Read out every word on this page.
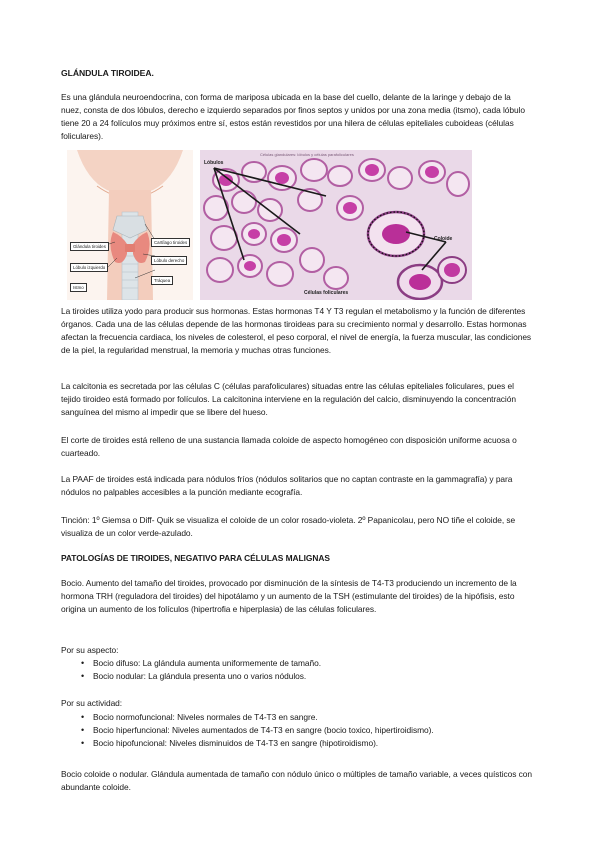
GLÁNDULA TIROIDEA.
Es una glándula neuroendocrina, con forma de mariposa ubicada en la base del cuello, delante de la laringe y debajo de la nuez, consta de dos lóbulos, derecho e izquierdo separados por finos septos y unidos por una zona media (itsmo), cada lóbulo tiene 20 a 24 folículos muy próximos entre sí, estos están revestidos por una hilera de células epiteliales cuboideas (células foliculares).
Glándula tiroides
Lóbulo izquierdo
Istmo
Cartílago tiroides
Lóbulo derecho
Tráquea
Células glandulares: lóbulos y células parafoliculares
Lóbulos
Coloide
Células foliculares
La tiroides utiliza yodo para producir sus hormonas. Estas hormonas T4 Y T3 regulan el metabolismo y la función de diferentes órganos. Cada una de las células depende de las hormonas tiroideas para su crecimiento normal y desarrollo. Estas hormonas afectan la frecuencia cardiaca, los niveles de colesterol, el peso corporal, el nivel de energía, la fuerza muscular, las condiciones de la piel, la regularidad menstrual, la memoria y muchas otras funciones.
La calcitonia es secretada por las células C (células parafoliculares) situadas entre las células epiteliales foliculares, pues el tejido tiroideo está formado por folículos. La calcitonina interviene en la regulación del calcio, disminuyendo la concentración sanguínea del mismo al impedir que se libere del hueso.
El corte de tiroides está relleno de una sustancia llamada coloide de aspecto homogéneo con disposición uniforme acuosa o cuarteado.
La PAAF de tiroides está indicada para nódulos fríos (nódulos solitarios que no captan contraste en la gammagrafía) y para nódulos no palpables accesibles a la punción mediante ecografía.
Tinción: 1º Giemsa o Diff- Quik se visualiza el coloide de un color rosado-violeta. 2º Papanicolau, pero NO tiñe el coloide, se visualiza de un color verde-azulado.
PATOLOGÍAS DE TIROIDES, NEGATIVO PARA CÉLULAS MALIGNAS
Bocio. Aumento del tamaño del tiroides, provocado por disminución de la síntesis de T4-T3 produciendo un incremento de la hormona TRH (reguladora del tiroides) del hipotálamo y un aumento de la TSH (estimulante del tiroides) de la hipófisis, esto origina un aumento de los folículos (hipertrofia e hiperplasia) de las células foliculares.
Por su aspecto:
• Bocio difuso: La glándula aumenta uniformemente de tamaño.
• Bocio nodular: La glándula presenta uno o varios nódulos.
Por su actividad:
• Bocio normofuncional: Niveles normales de T4-T3 en sangre.
• Bocio hiperfuncional: Niveles aumentados de T4-T3 en sangre (bocio toxico, hipertiroidismo).
• Bocio hipofuncional: Niveles disminuidos de T4-T3 en sangre (hipotiroidismo).
Bocio coloide o nodular. Glándula aumentada de tamaño con nódulo único o múltiples de tamaño variable, a veces quísticos con abundante coloide.
